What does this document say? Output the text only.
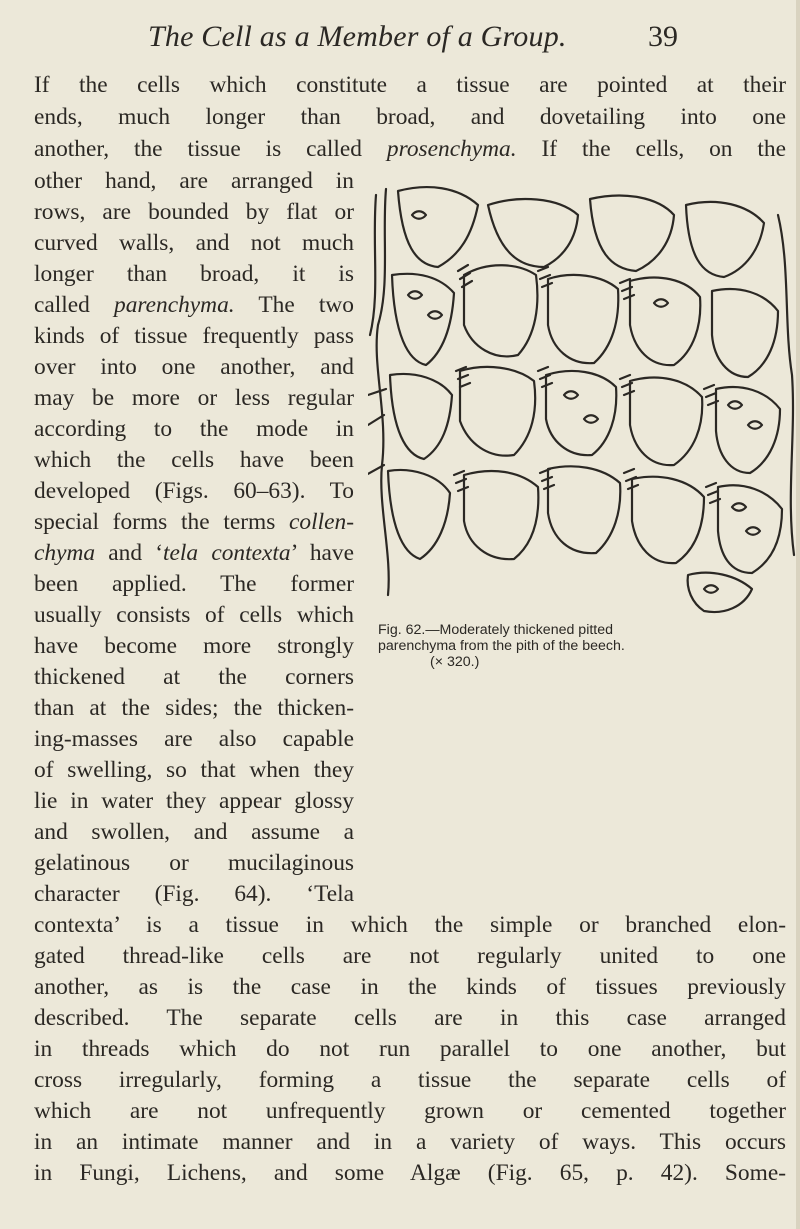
The Cell as a Member of a Group.	39
If the cells which constitute a tissue are pointed at their
ends, much longer than broad, and dovetailing into one
another, the tissue is called prosenchyma. If the cells, on the
other hand, are arranged in
rows, are bounded by flat or
curved walls, and not much
longer than broad, it is
called parenchyma. The two
kinds of tissue frequently pass
over into one another, and
may be more or less regular
according to the mode in
which the cells have been
developed (Figs. 60–63). To
special forms the terms collen-
chyma and ‘tela contexta’ have
been applied. The former
usually consists of cells which
have become more strongly
thickened at the corners
than at the sides; the thicken-
ing-masses are also capable
of swelling, so that when they
lie in water they appear glossy
and swollen, and assume a
gelatinous or mucilaginous
character (Fig. 64). ‘Tela
contexta’ is a tissue in which the simple or branched elon-
gated thread-like cells are not regularly united to one
another, as is the case in the kinds of tissues previously
described. The separate cells are in this case arranged
in threads which do not run parallel to one another, but
cross irregularly, forming a tissue the separate cells of
which are not unfrequently grown or cemented together
in an intimate manner and in a variety of ways. This occurs
in Fungi, Lichens, and some Algæ (Fig. 65, p. 42). Some-
Fig. 62.—Moderately thickened pitted
parenchyma from the pith of the beech.
(× 320.)
